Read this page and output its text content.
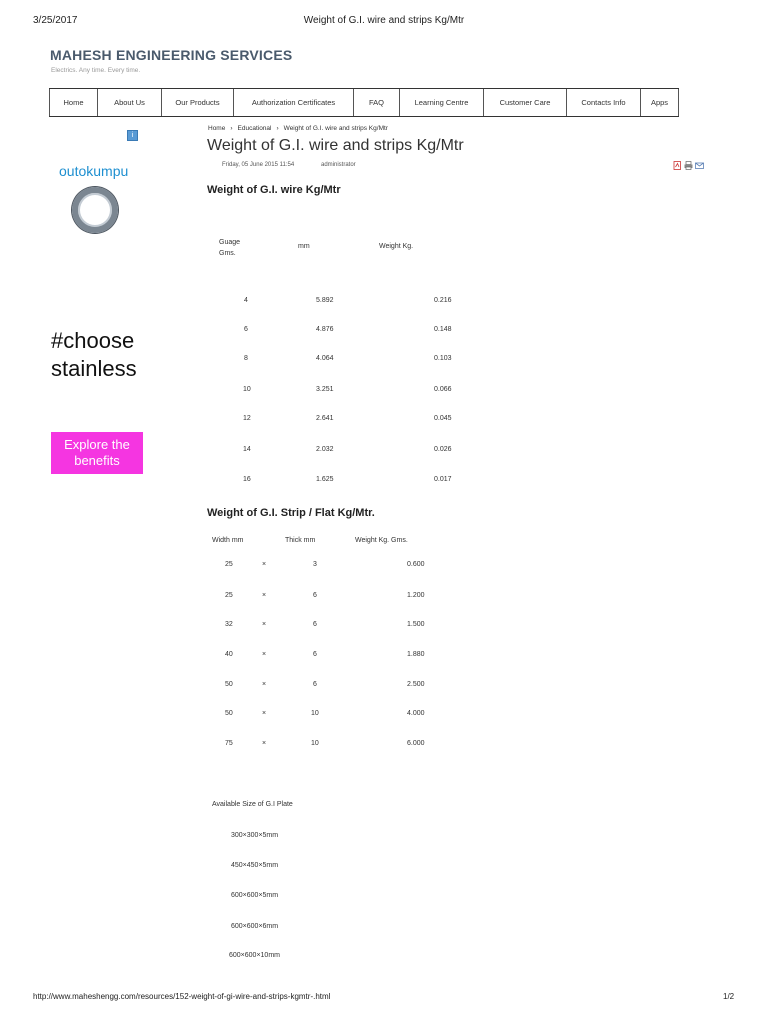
3/25/2017	Weight of G.I. wire and strips Kg/Mtr
MAHESH ENGINEERING SERVICES
Electrics. Any time. Every time.
Home	About Us	Our Products	Authorization Certificates	FAQ	Learning Centre	Customer Care	Contacts Info	Apps
Home › Educational › Weight of G.I. wire and strips Kg/Mtr
Weight of G.I. wire and strips Kg/Mtr
Friday, 05 June 2015 11:54	administrator
Weight of G.I. wire Kg/Mtr
Guage Gms.
mm	Weight Kg.
4	5.892	0.216
6	4.876	0.148
8	4.064	0.103
10	3.251	0.066
12	2.641	0.045
14	2.032	0.026
16	1.625	0.017
Weight of G.I. Strip / Flat Kg/Mtr.
Width mm	Thick mm	Weight Kg. Gms.
25	×	3	0.600
25	×	6	1.200
32	×	6	1.500
40	×	6	1.880
50	×	6	2.500
50	×	10	4.000
75	×	10	6.000
Available Size of G.I Plate
300×300×5mm
450×450×5mm
600×600×5mm
600×600×6mm
600×600×10mm
i
outokumpu
#choose
stainless
Explore the
benefits
http://www.maheshengg.com/resources/152-weight-of-gi-wire-and-strips-kgmtr-.html	1/2
